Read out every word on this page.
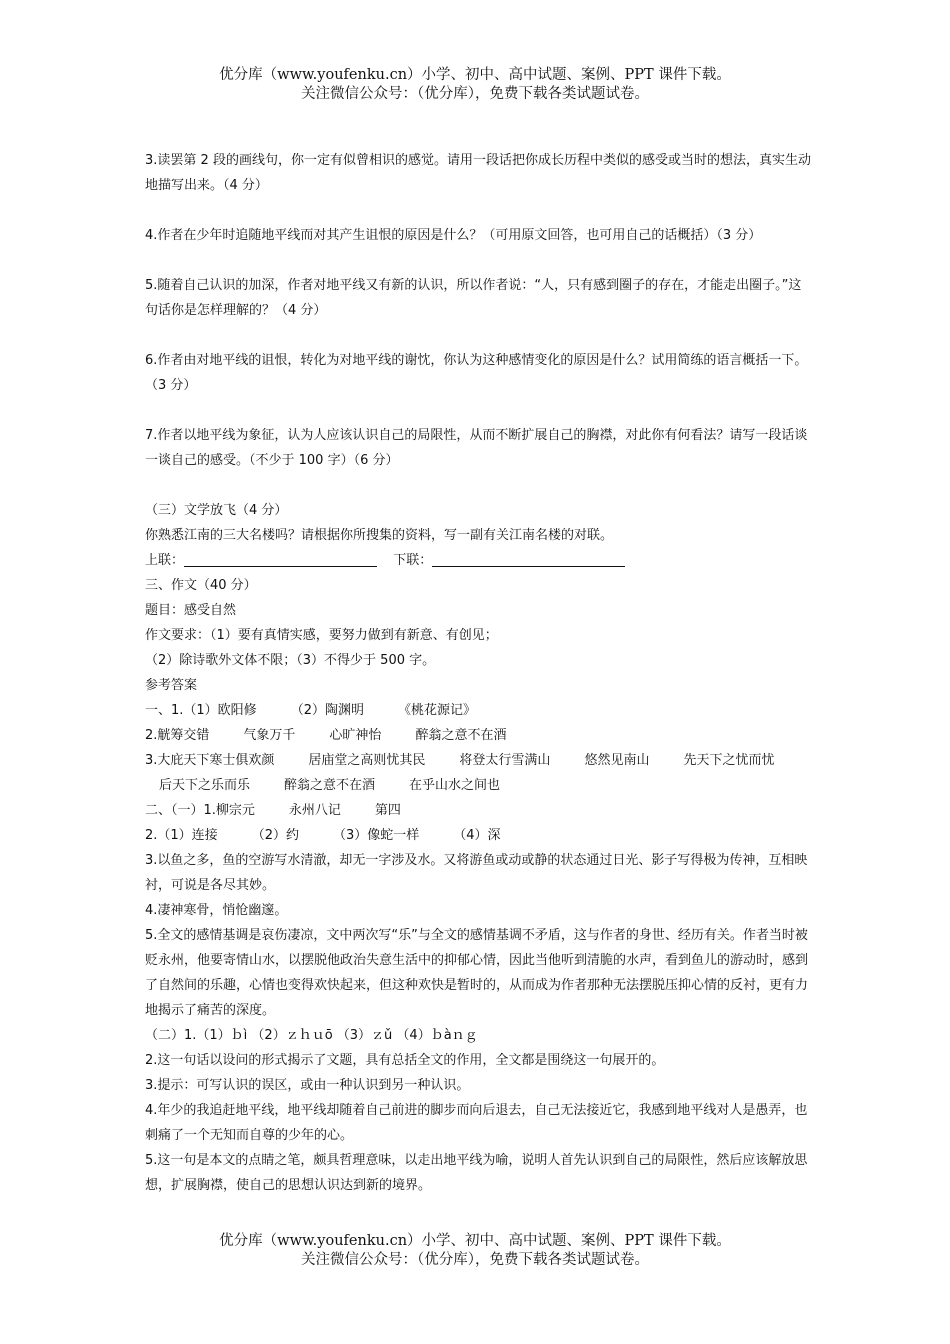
优分库（www.youfenku.cn）小学、初中、高中试题、案例、PPT 课件下载。
关注微信公众号：（优分库），免费下载各类试题试卷。

3.读罢第 2 段的画线句，你一定有似曾相识的感觉。请用一段话把你成长历程中类似的感受或当时的想法，真实生动地描写出来。（4 分）

4.作者在少年时追随地平线而对其产生诅恨的原因是什么？（可用原文回答，也可用自己的话概括）（3 分）

5.随着自己认识的加深，作者对地平线又有新的认识，所以作者说：“人，只有感到圈子的存在，才能走出圈子。”这句话你是怎样理解的？（4 分）

6.作者由对地平线的诅恨，转化为对地平线的谢忱，你认为这种感情变化的原因是什么？试用简练的语言概括一下。（3 分）

7.作者以地平线为象征，认为人应该认识自己的局限性，从而不断扩展自己的胸襟，对此你有何看法？请写一段话谈一谈自己的感受。（不少于 100 字）（6 分）

（三）文学放飞（4 分）
你熟悉江南的三大名楼吗？请根据你所搜集的资料，写一副有关江南名楼的对联。
上联：	下联：
三、作文（40 分）
题目：感受自然
作文要求：（1）要有真情实感，要努力做到有新意、有创见；
（2）除诗歌外文体不限；（3）不得少于 500 字。
参考答案
一、1.（1）欧阳修	（2）陶渊明	《桃花源记》
2.觥筹交错	气象万千	心旷神怡	醉翁之意不在酒
3.大庇天下寒士俱欢颜	居庙堂之高则忧其民	将登太行雪满山	悠然见南山	先天下之忧而忧
后天下之乐而乐	醉翁之意不在酒	在乎山水之间也
二、（一）1.柳宗元	永州八记	第四
2.（1）连接	（2）约	（3）像蛇一样	（4）深

3.以鱼之多，鱼的空游写水清澈，却无一字涉及水。又将游鱼或动或静的状态通过日光、影子写得极为传神，互相映衬，可说是各尽其妙。

4.凄神寒骨，悄怆幽邃。

5.全文的感情基调是哀伤凄凉，文中两次写“乐”与全文的感情基调不矛盾，这与作者的身世、经历有关。作者当时被贬永州，他要寄情山水，以摆脱他政治失意生活中的抑郁心情，因此当他听到清脆的水声，看到鱼儿的游动时，感到了自然间的乐趣，心情也变得欢快起来，但这种欢快是暂时的，从而成为作者那种无法摆脱压抑心情的反衬，更有力地揭示了痛苦的深度。

（二）1.（1）ｂì （2）ｚｈｕō （3）ｚǔ （4）ｂàｎｇ

2.这一句话以设问的形式揭示了文题，具有总括全文的作用，全文都是围绕这一句展开的。

3.提示：可写认识的误区，或由一种认识到另一种认识。

4.年少的我追赶地平线，地平线却随着自己前进的脚步而向后退去，自己无法接近它，我感到地平线对人是愚弄，也刺痛了一个无知而自尊的少年的心。

5.这一句是本文的点睛之笔，颇具哲理意味，以走出地平线为喻，说明人首先认识到自己的局限性，然后应该解放思想，扩展胸襟，使自己的思想认识达到新的境界。

优分库（www.youfenku.cn）小学、初中、高中试题、案例、PPT 课件下载。
关注微信公众号：（优分库），免费下载各类试题试卷。
